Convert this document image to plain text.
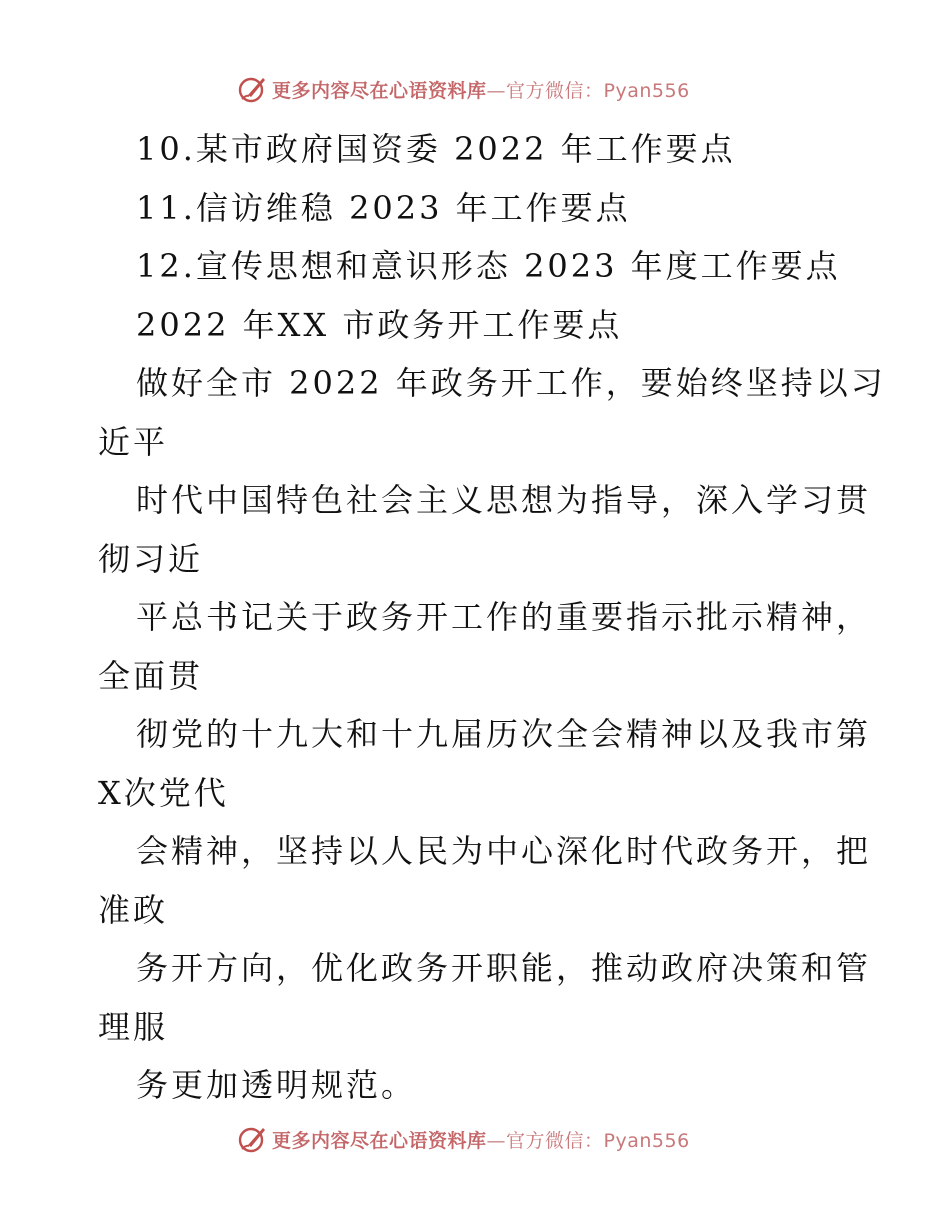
更多内容尽在心语资料库—官方微信：Pyan556
10.某市政府国资委 2022 年工作要点
11.信访维稳 2023 年工作要点
12.宣传思想和意识形态 2023 年度工作要点
2022 年XX 市政务开工作要点
做好全市 2022 年政务开工作，要始终坚持以习
近平
时代中国特色社会主义思想为指导，深入学习贯
彻习近
平总书记关于政务开工作的重要指示批示精神，
全面贯
彻党的十九大和十九届历次全会精神以及我市第
X次党代
会精神，坚持以人民为中心深化时代政务开，把
准政
务开方向，优化政务开职能，推动政府决策和管
理服
务更加透明规范。
更多内容尽在心语资料库—官方微信：Pyan556
